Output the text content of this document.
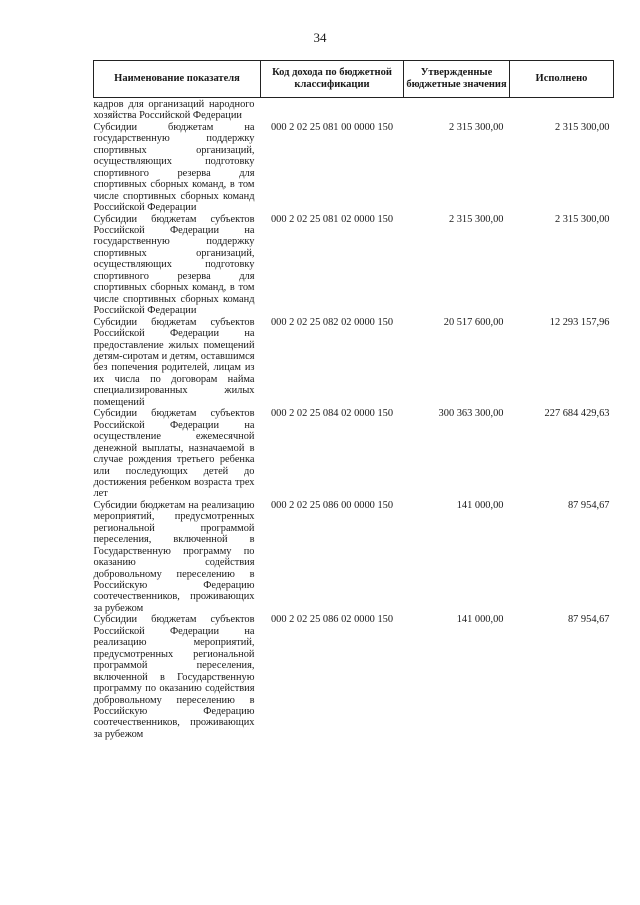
34
Наименование показателя	Код дохода по бюджетной классификации	Утвержденные бюджетные значения	Исполнено
кадров для организаций народного хозяйства Российской Федерации			
Субсидии бюджетам на государственную поддержку спортивных организаций, осуществляющих подготовку спортивного резерва для спортивных сборных команд, в том числе спортивных сборных команд Российской Федерации	000 2 02 25 081 00 0000 150	2 315 300,00	2 315 300,00
Субсидии бюджетам субъектов Российской Федерации на государственную поддержку спортивных организаций, осуществляющих подготовку спортивного резерва для спортивных сборных команд, в том числе спортивных сборных команд Российской Федерации	000 2 02 25 081 02 0000 150	2 315 300,00	2 315 300,00
Субсидии бюджетам субъектов Российской Федерации на предоставление жилых помещений детям-сиротам и детям, оставшимся без попечения родителей, лицам из их числа по договорам найма специализированных жилых помещений	000 2 02 25 082 02 0000 150	20 517 600,00	12 293 157,96
Субсидии бюджетам субъектов Российской Федерации на осуществление ежемесячной денежной выплаты, назначаемой в случае рождения третьего ребенка или последующих детей до достижения ребенком возраста трех лет	000 2 02 25 084 02 0000 150	300 363 300,00	227 684 429,63
Субсидии бюджетам на реализацию мероприятий, предусмотренных региональной программой переселения, включенной в Государственную программу по оказанию содействия добровольному переселению в Российскую Федерацию соотечественников, проживающих за рубежом	000 2 02 25 086 00 0000 150	141 000,00	87 954,67
Субсидии бюджетам субъектов Российской Федерации на реализацию мероприятий, предусмотренных региональной программой переселения, включенной в Государственную программу по оказанию содействия добровольному переселению в Российскую Федерацию соотечественников, проживающих за рубежом	000 2 02 25 086 02 0000 150	141 000,00	87 954,67
